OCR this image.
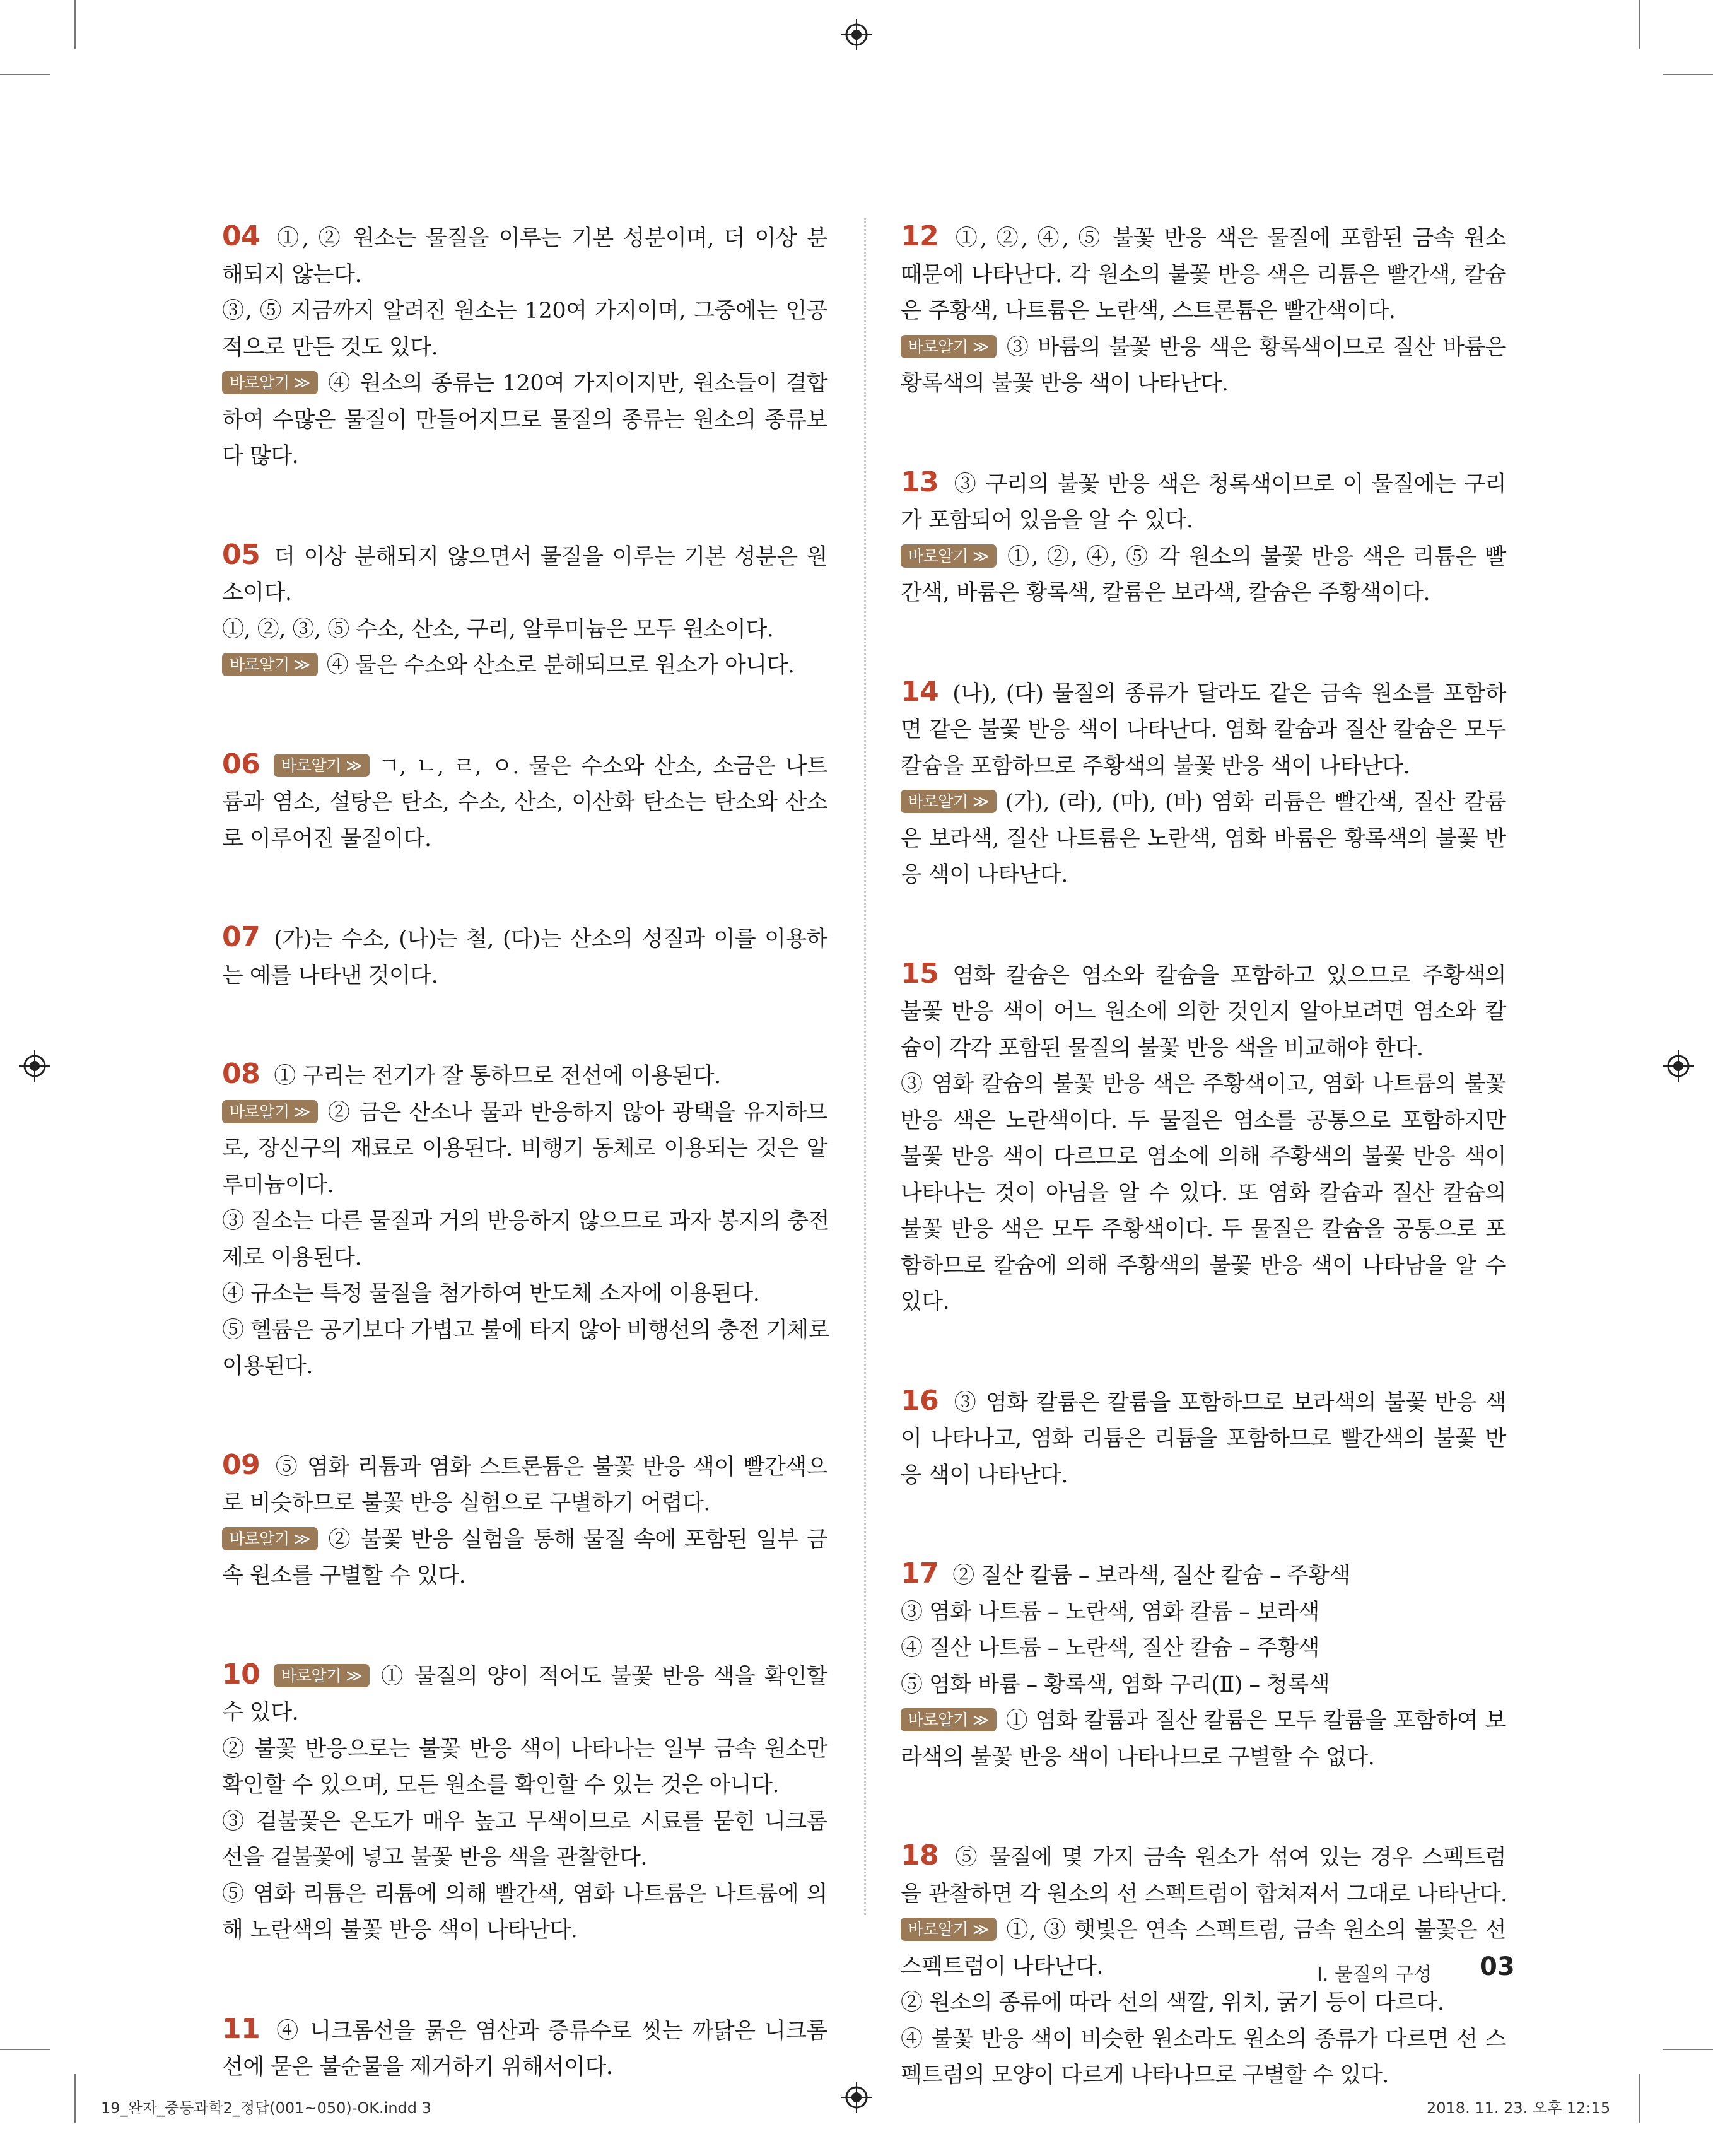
04 ①, ② 원소는 물질을 이루는 기본 성분이며, 더 이상 분
해되지 않는다.
③, ⑤ 지금까지 알려진 원소는 120여 가지이며, 그중에는 인공
적으로 만든 것도 있다.
바로알기 ≫ ④ 원소의 종류는 120여 가지이지만, 원소들이 결합
하여 수많은 물질이 만들어지므로 물질의 종류는 원소의 종류보
다 많다.
05 더 이상 분해되지 않으면서 물질을 이루는 기본 성분은 원
소이다.
①, ②, ③, ⑤ 수소, 산소, 구리, 알루미늄은 모두 원소이다.
바로알기 ≫ ④ 물은 수소와 산소로 분해되므로 원소가 아니다.
06 바로알기 ≫ ㄱ, ㄴ, ㄹ, ㅇ. 물은 수소와 산소, 소금은 나트
륨과 염소, 설탕은 탄소, 수소, 산소, 이산화 탄소는 탄소와 산소
로 이루어진 물질이다.
07 (가)는 수소, (나)는 철, (다)는 산소의 성질과 이를 이용하
는 예를 나타낸 것이다.
08 ① 구리는 전기가 잘 통하므로 전선에 이용된다.
바로알기 ≫ ② 금은 산소나 물과 반응하지 않아 광택을 유지하므
로, 장신구의 재료로 이용된다. 비행기 동체로 이용되는 것은 알
루미늄이다.
③ 질소는 다른 물질과 거의 반응하지 않으므로 과자 봉지의 충전
제로 이용된다.
④ 규소는 특정 물질을 첨가하여 반도체 소자에 이용된다.
⑤ 헬륨은 공기보다 가볍고 불에 타지 않아 비행선의 충전 기체로
이용된다.
09 ⑤ 염화 리튬과 염화 스트론튬은 불꽃 반응 색이 빨간색으
로 비슷하므로 불꽃 반응 실험으로 구별하기 어렵다.
바로알기 ≫ ② 불꽃 반응 실험을 통해 물질 속에 포함된 일부 금
속 원소를 구별할 수 있다.
10 바로알기 ≫ ① 물질의 양이 적어도 불꽃 반응 색을 확인할
수 있다.
② 불꽃 반응으로는 불꽃 반응 색이 나타나는 일부 금속 원소만
확인할 수 있으며, 모든 원소를 확인할 수 있는 것은 아니다.
③ 겉불꽃은 온도가 매우 높고 무색이므로 시료를 묻힌 니크롬
선을 겉불꽃에 넣고 불꽃 반응 색을 관찰한다.
⑤ 염화 리튬은 리튬에 의해 빨간색, 염화 나트륨은 나트륨에 의
해 노란색의 불꽃 반응 색이 나타난다.
11 ④ 니크롬선을 묽은 염산과 증류수로 씻는 까닭은 니크롬
선에 묻은 불순물을 제거하기 위해서이다.
12 ①, ②, ④, ⑤ 불꽃 반응 색은 물질에 포함된 금속 원소
때문에 나타난다. 각 원소의 불꽃 반응 색은 리튬은 빨간색, 칼슘
은 주황색, 나트륨은 노란색, 스트론튬은 빨간색이다.
바로알기 ≫ ③ 바륨의 불꽃 반응 색은 황록색이므로 질산 바륨은
황록색의 불꽃 반응 색이 나타난다.
13 ③ 구리의 불꽃 반응 색은 청록색이므로 이 물질에는 구리
가 포함되어 있음을 알 수 있다.
바로알기 ≫ ①, ②, ④, ⑤ 각 원소의 불꽃 반응 색은 리튬은 빨
간색, 바륨은 황록색, 칼륨은 보라색, 칼슘은 주황색이다.
14 (나), (다) 물질의 종류가 달라도 같은 금속 원소를 포함하
면 같은 불꽃 반응 색이 나타난다. 염화 칼슘과 질산 칼슘은 모두
칼슘을 포함하므로 주황색의 불꽃 반응 색이 나타난다.
바로알기 ≫ (가), (라), (마), (바) 염화 리튬은 빨간색, 질산 칼륨
은 보라색, 질산 나트륨은 노란색, 염화 바륨은 황록색의 불꽃 반
응 색이 나타난다.
15 염화 칼슘은 염소와 칼슘을 포함하고 있으므로 주황색의
불꽃 반응 색이 어느 원소에 의한 것인지 알아보려면 염소와 칼
슘이 각각 포함된 물질의 불꽃 반응 색을 비교해야 한다.
③ 염화 칼슘의 불꽃 반응 색은 주황색이고, 염화 나트륨의 불꽃
반응 색은 노란색이다. 두 물질은 염소를 공통으로 포함하지만
불꽃 반응 색이 다르므로 염소에 의해 주황색의 불꽃 반응 색이
나타나는 것이 아님을 알 수 있다. 또 염화 칼슘과 질산 칼슘의
불꽃 반응 색은 모두 주황색이다. 두 물질은 칼슘을 공통으로 포
함하므로 칼슘에 의해 주황색의 불꽃 반응 색이 나타남을 알 수
있다.
16 ③ 염화 칼륨은 칼륨을 포함하므로 보라색의 불꽃 반응 색
이 나타나고, 염화 리튬은 리튬을 포함하므로 빨간색의 불꽃 반
응 색이 나타난다.
17 ② 질산 칼륨 – 보라색, 질산 칼슘 – 주황색
③ 염화 나트륨 – 노란색, 염화 칼륨 – 보라색
④ 질산 나트륨 – 노란색, 질산 칼슘 – 주황색
⑤ 염화 바륨 – 황록색, 염화 구리(Ⅱ) – 청록색
바로알기 ≫ ① 염화 칼륨과 질산 칼륨은 모두 칼륨을 포함하여 보
라색의 불꽃 반응 색이 나타나므로 구별할 수 없다.
18 ⑤ 물질에 몇 가지 금속 원소가 섞여 있는 경우 스펙트럼
을 관찰하면 각 원소의 선 스펙트럼이 합쳐져서 그대로 나타난다.
바로알기 ≫ ①, ③ 햇빛은 연속 스펙트럼, 금속 원소의 불꽃은 선
스펙트럼이 나타난다.
② 원소의 종류에 따라 선의 색깔, 위치, 굵기 등이 다르다.
④ 불꽃 반응 색이 비슷한 원소라도 원소의 종류가 다르면 선 스
펙트럼의 모양이 다르게 나타나므로 구별할 수 있다.
Ⅰ. 물질의 구성 03
19_완자_중등과학2_정답(001~050)-OK.indd 3	2018. 11. 23. 오후 12:15
